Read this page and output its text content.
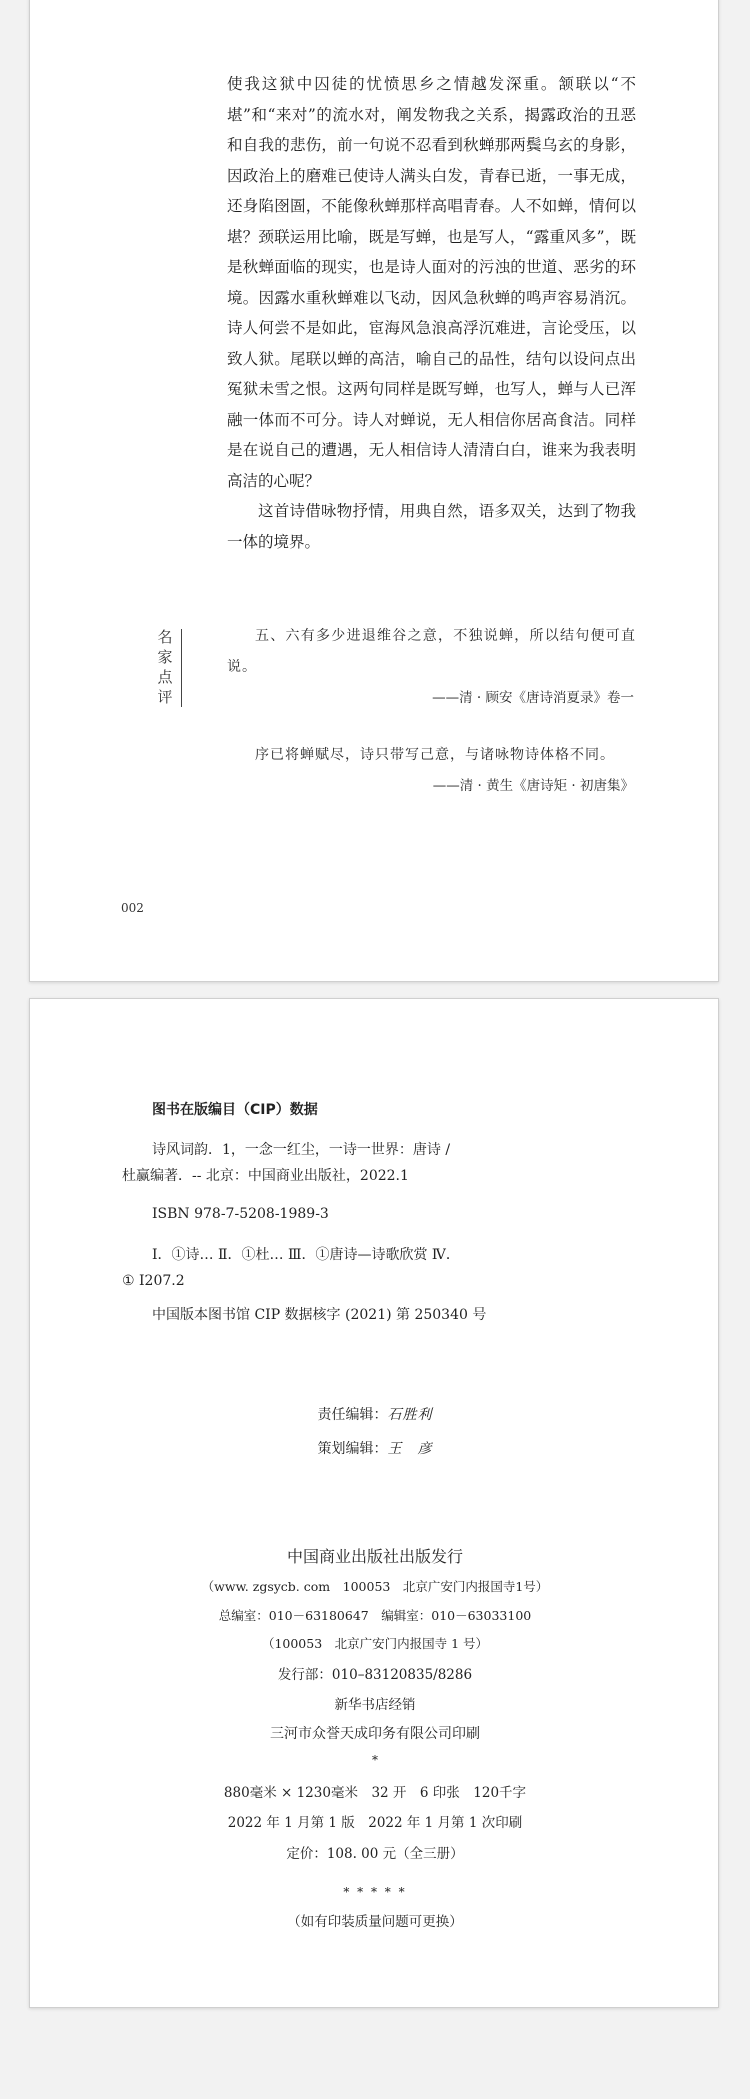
使我这狱中囚徒的忧愤思乡之情越发深重。颔联以“不堪”和“来对”的流水对，阐发物我之关系，揭露政治的丑恶和自我的悲伤，前一句说不忍看到秋蝉那两鬓乌玄的身影，因政治上的磨难已使诗人满头白发，青春已逝，一事无成，还身陷囹圄，不能像秋蝉那样高唱青春。人不如蝉，情何以堪？颈联运用比喻，既是写蝉，也是写人，“露重风多”，既是秋蝉面临的现实，也是诗人面对的污浊的世道、恶劣的环境。因露水重秋蝉难以飞动，因风急秋蝉的鸣声容易消沉。诗人何尝不是如此，宦海风急浪高浮沉难进，言论受压，以致人狱。尾联以蝉的高洁，喻自己的品性，结句以设问点出冤狱未雪之恨。这两句同样是既写蝉，也写人，蝉与人已浑融一体而不可分。诗人对蝉说，无人相信你居高食洁。同样是在说自己的遭遇，无人相信诗人清清白白，谁来为我表明高洁的心呢？

这首诗借咏物抒情，用典自然，语多双关，达到了物我一体的境界。

名家点评

五、六有多少进退维谷之意，不独说蝉，所以结句便可直说。

——清 · 顾安《唐诗消夏录》卷一

序已将蝉赋尽，诗只带写己意，与诸咏物诗体格不同。

——清 · 黄生《唐诗矩 · 初唐集》

002
图书在版编目（CIP）数据
诗风词韵．1，一念一红尘，一诗一世界：唐诗 /
杜赢编著．-- 北京：中国商业出版社，2022.1
ISBN 978-7-5208-1989-3
Ⅰ．①诗… Ⅱ．①杜… Ⅲ．①唐诗—诗歌欣赏 Ⅳ．
① I207.2
中国版本图书馆 CIP 数据核字 (2021) 第 250340 号
责任编辑：石胜利
策划编辑：王　彦
中国商业出版社出版发行
（www. zgsycb. com　100053　北京广安门内报国寺1号）
总编室：010－63180647　编辑室：010－63033100
（100053　北京广安门内报国寺 1 号）
发行部：010–83120835/8286
新华书店经销
三河市众誉天成印务有限公司印刷
*
880毫米 × 1230毫米　32 开　6 印张　120千字
2022 年 1 月第 1 版　2022 年 1 月第 1 次印刷
定价：108. 00 元（全三册）
* * * * *
（如有印装质量问题可更换）
